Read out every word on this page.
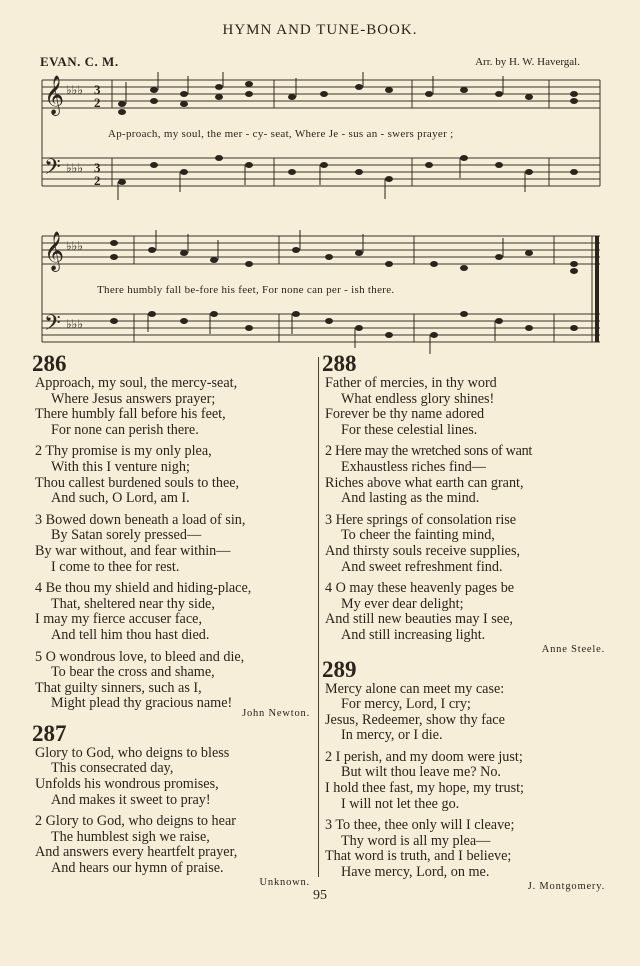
HYMN AND TUNE-BOOK.
EVAN. C. M.	Arr. by H. W. Havergal.
𝄞
𝄢
♭♭♭ 3
2
♭♭♭ 3
2
Ap-proach, my soul, the mer - cy- seat, Where Je - sus an - swers prayer ;
𝄞
𝄢
♭♭♭
♭♭♭
There humbly fall be-fore his feet, For none can per - ish there.
286
Approach, my soul, the mercy-seat,
Where Jesus answers prayer;
There humbly fall before his feet,
For none can perish there.
2 Thy promise is my only plea,
With this I venture nigh;
Thou callest burdened souls to thee,
And such, O Lord, am I.
3 Bowed down beneath a load of sin,
By Satan sorely pressed—
By war without, and fear within—
I come to thee for rest.
4 Be thou my shield and hiding-place,
That, sheltered near thy side,
I may my fierce accuser face,
And tell him thou hast died.
5 O wondrous love, to bleed and die,
To bear the cross and shame,
That guilty sinners, such as I,
Might plead thy gracious name!
John Newton.
287
Glory to God, who deigns to bless
This consecrated day,
Unfolds his wondrous promises,
And makes it sweet to pray!
2 Glory to God, who deigns to hear
The humblest sigh we raise,
And answers every heartfelt prayer,
And hears our hymn of praise.
Unknown.
288
Father of mercies, in thy word
What endless glory shines!
Forever be thy name adored
For these celestial lines.
2 Here may the wretched sons of want
Exhaustless riches find—
Riches above what earth can grant,
And lasting as the mind.
3 Here springs of consolation rise
To cheer the fainting mind,
And thirsty souls receive supplies,
And sweet refreshment find.
4 O may these heavenly pages be
My ever dear delight;
And still new beauties may I see,
And still increasing light.
Anne Steele.
289
Mercy alone can meet my case:
For mercy, Lord, I cry;
Jesus, Redeemer, show thy face
In mercy, or I die.
2 I perish, and my doom were just;
But wilt thou leave me? No.
I hold thee fast, my hope, my trust;
I will not let thee go.
3 To thee, thee only will I cleave;
Thy word is all my plea—
That word is truth, and I believe;
Have mercy, Lord, on me.
J. Montgomery.
95
